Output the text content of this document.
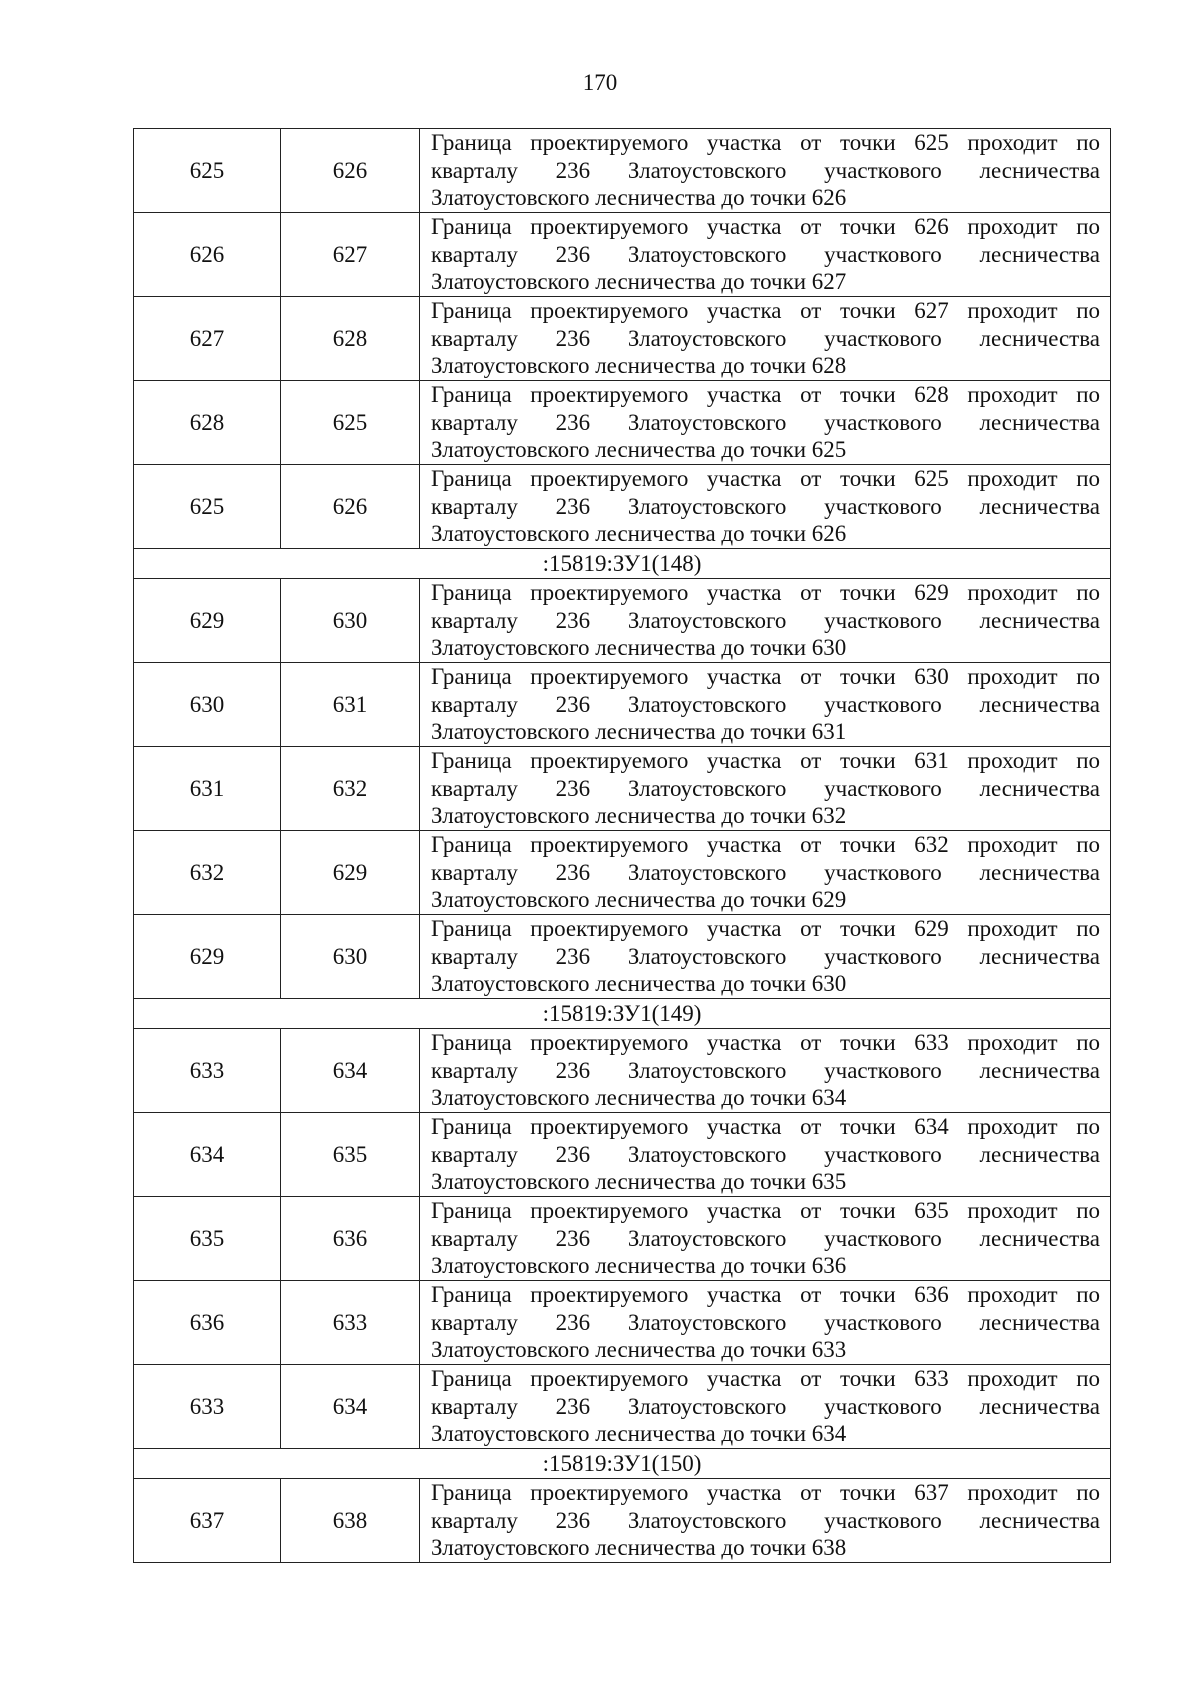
170
625	626	Граница проектируемого участка от точки 625 проходит по кварталу 236 Златоустовского участкового лесничества Златоустовского лесничества до точки 626

626	627	Граница проектируемого участка от точки 626 проходит по кварталу 236 Златоустовского участкового лесничества Златоустовского лесничества до точки 627

627	628	Граница проектируемого участка от точки 627 проходит по кварталу 236 Златоустовского участкового лесничества Златоустовского лесничества до точки 628

628	625	Граница проектируемого участка от точки 628 проходит по кварталу 236 Златоустовского участкового лесничества Златоустовского лесничества до точки 625

625	626	Граница проектируемого участка от точки 625 проходит по кварталу 236 Златоустовского участкового лесничества Златоустовского лесничества до точки 626

:15819:ЗУ1(148)		
629	630	Граница проектируемого участка от точки 629 проходит по кварталу 236 Златоустовского участкового лесничества Златоустовского лесничества до точки 630

630	631	Граница проектируемого участка от точки 630 проходит по кварталу 236 Златоустовского участкового лесничества Златоустовского лесничества до точки 631

631	632	Граница проектируемого участка от точки 631 проходит по кварталу 236 Златоустовского участкового лесничества Златоустовского лесничества до точки 632

632	629	Граница проектируемого участка от точки 632 проходит по кварталу 236 Златоустовского участкового лесничества Златоустовского лесничества до точки 629

629	630	Граница проектируемого участка от точки 629 проходит по кварталу 236 Златоустовского участкового лесничества Златоустовского лесничества до точки 630

:15819:ЗУ1(149)		
633	634	Граница проектируемого участка от точки 633 проходит по кварталу 236 Златоустовского участкового лесничества Златоустовского лесничества до точки 634

634	635	Граница проектируемого участка от точки 634 проходит по кварталу 236 Златоустовского участкового лесничества Златоустовского лесничества до точки 635

635	636	Граница проектируемого участка от точки 635 проходит по кварталу 236 Златоустовского участкового лесничества Златоустовского лесничества до точки 636

636	633	Граница проектируемого участка от точки 636 проходит по кварталу 236 Златоустовского участкового лесничества Златоустовского лесничества до точки 633

633	634	Граница проектируемого участка от точки 633 проходит по кварталу 236 Златоустовского участкового лесничества Златоустовского лесничества до точки 634

:15819:ЗУ1(150)		
637	638	Граница проектируемого участка от точки 637 проходит по кварталу 236 Златоустовского участкового лесничества Златоустовского лесничества до точки 638
